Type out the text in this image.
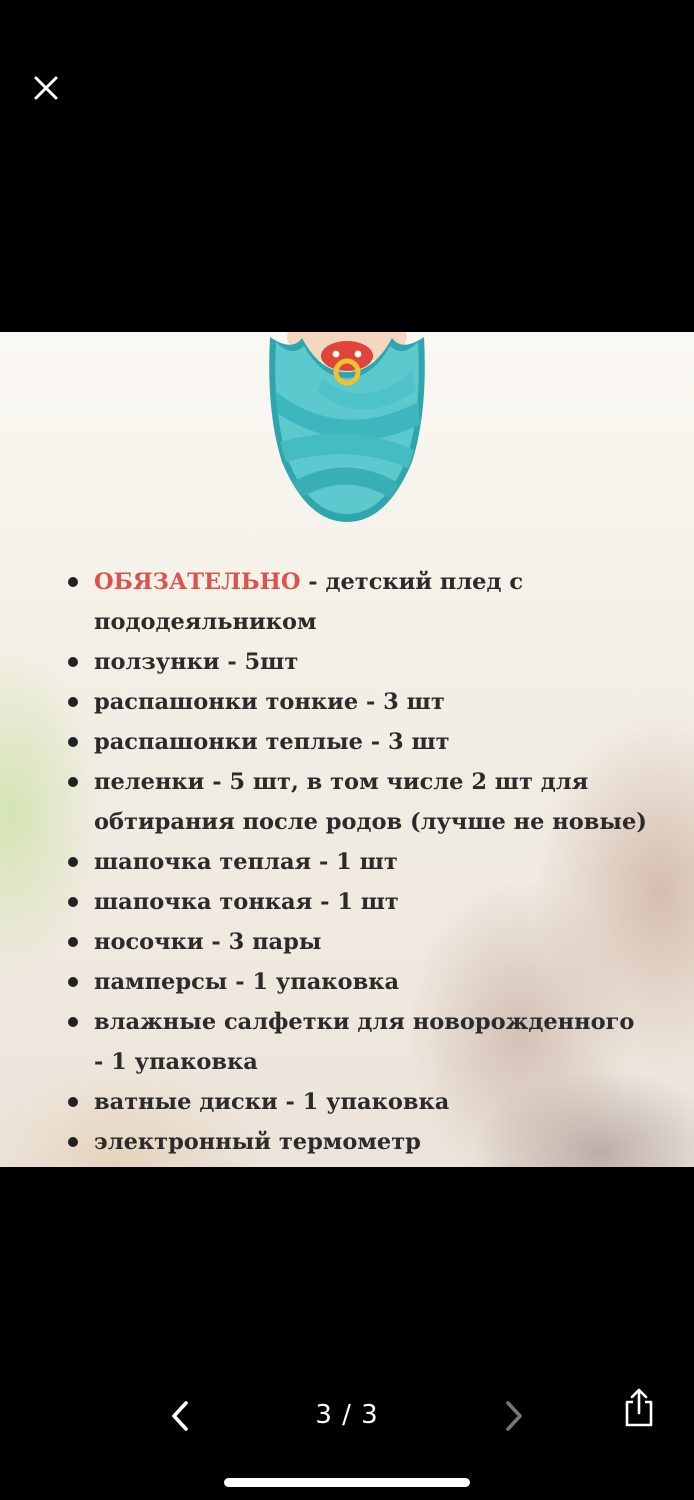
ОБЯЗАТЕЛЬНО - детский плед с
пододеяльником
ползунки - 5шт
распашонки тонкие - 3 шт
распашонки теплые - 3 шт
пеленки - 5 шт, в том числе 2 шт для
обтирания после родов (лучше не новые)
шапочка теплая - 1 шт
шапочка тонкая - 1 шт
носочки - 3 пары
памперсы - 1 упаковка
влажные салфетки для новорожденного
- 1 упаковка
ватные диски - 1 упаковка
электронный термометр
3 / 3
